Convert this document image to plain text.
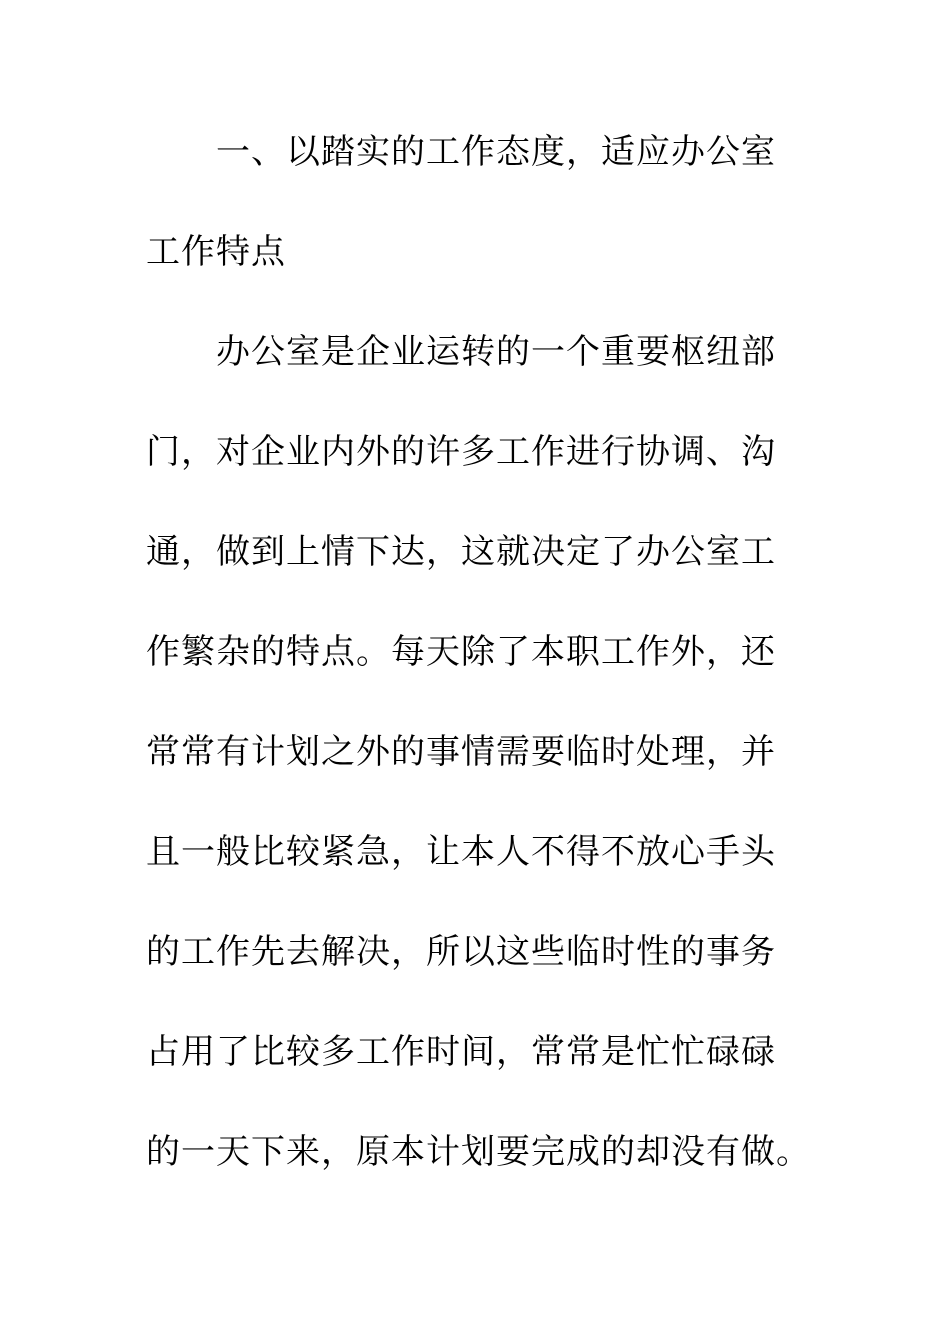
一、以踏实的工作态度，适应办公室
工作特点
办公室是企业运转的一个重要枢纽部
门，对企业内外的许多工作进行协调、沟
通，做到上情下达，这就决定了办公室工
作繁杂的特点。每天除了本职工作外，还
常常有计划之外的事情需要临时处理，并
且一般比较紧急，让本人不得不放心手头
的工作先去解决，所以这些临时性的事务
占用了比较多工作时间，常常是忙忙碌碌
的一天下来，原本计划要完成的却没有做。
